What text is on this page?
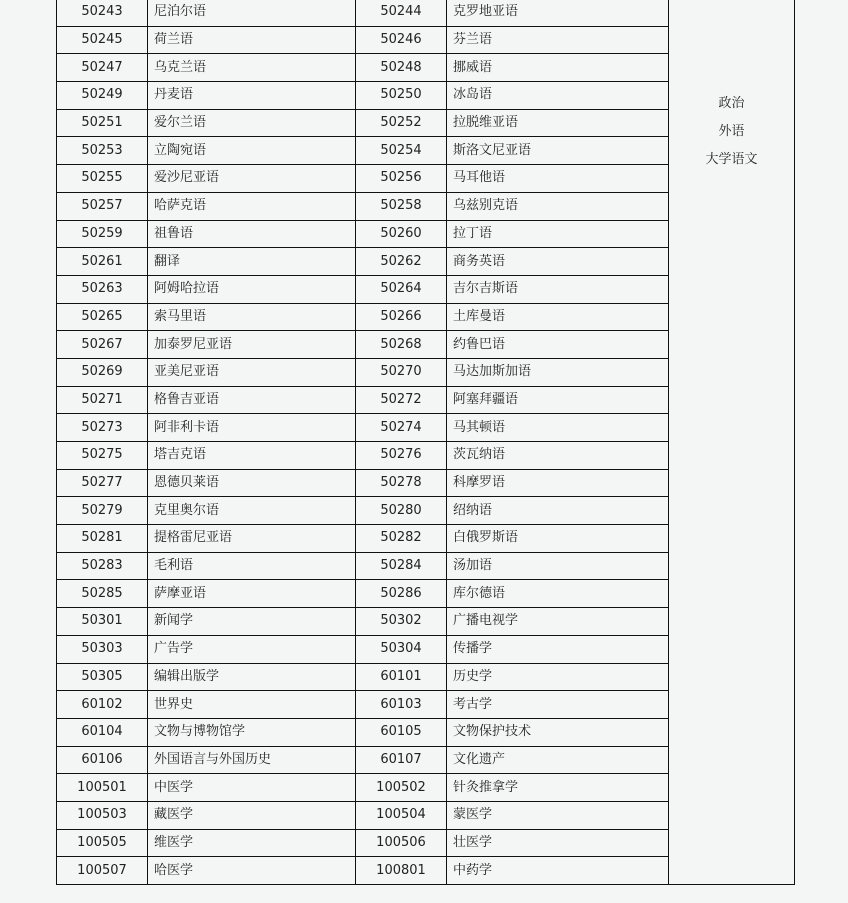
50243	尼泊尔语	50244	克罗地亚语	政治
外语
大学语文

50245	荷兰语	50246	芬兰语	
50247	乌克兰语	50248	挪威语	
50249	丹麦语	50250	冰岛语	
50251	爱尔兰语	50252	拉脱维亚语	
50253	立陶宛语	50254	斯洛文尼亚语	
50255	爱沙尼亚语	50256	马耳他语	
50257	哈萨克语	50258	乌兹别克语	
50259	祖鲁语	50260	拉丁语	
50261	翻译	50262	商务英语	
50263	阿姆哈拉语	50264	吉尔吉斯语	
50265	索马里语	50266	土库曼语	
50267	加泰罗尼亚语	50268	约鲁巴语	
50269	亚美尼亚语	50270	马达加斯加语	
50271	格鲁吉亚语	50272	阿塞拜疆语	
50273	阿非利卡语	50274	马其顿语	
50275	塔吉克语	50276	茨瓦纳语	
50277	恩德贝莱语	50278	科摩罗语	
50279	克里奥尔语	50280	绍纳语	
50281	提格雷尼亚语	50282	白俄罗斯语	
50283	毛利语	50284	汤加语	
50285	萨摩亚语	50286	库尔德语	
50301	新闻学	50302	广播电视学	
50303	广告学	50304	传播学	
50305	编辑出版学	60101	历史学	
60102	世界史	60103	考古学	
60104	文物与博物馆学	60105	文物保护技术	
60106	外国语言与外国历史	60107	文化遗产	
100501	中医学	100502	针灸推拿学	
100503	藏医学	100504	蒙医学	
100505	维医学	100506	壮医学	
100507	哈医学	100801	中药学	
